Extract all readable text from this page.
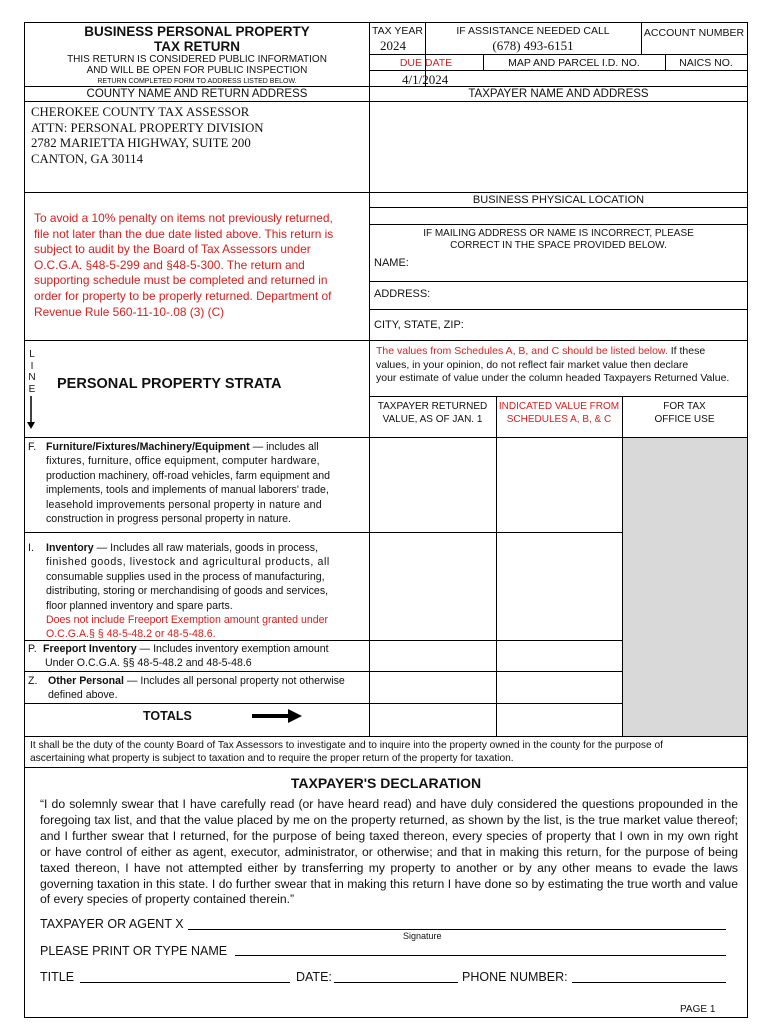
BUSINESS PERSONAL PROPERTY
TAX RETURN
THIS RETURN IS CONSIDERED PUBLIC INFORMATION
AND WILL BE OPEN FOR PUBLIC INSPECTION
RETURN COMPLETED FORM TO ADDRESS LISTED BELOW.
TAX YEAR
2024
IF ASSISTANCE NEEDED CALL
(678) 493-6151
ACCOUNT NUMBER
DUE DATE
4/1/2024
MAP AND PARCEL I.D. NO.	NAICS NO.
COUNTY NAME AND RETURN ADDRESS	TAXPAYER NAME AND ADDRESS
CHEROKEE COUNTY TAX ASSESSOR
ATTN: PERSONAL PROPERTY DIVISION
2782 MARIETTA HIGHWAY, SUITE 200
CANTON, GA 30114
BUSINESS PHYSICAL LOCATION
IF MAILING ADDRESS OR NAME IS INCORRECT, PLEASE
CORRECT IN THE SPACE PROVIDED BELOW.
NAME:
ADDRESS:
CITY, STATE, ZIP:
To avoid a 10% penalty on items not previously returned,
file not later than the due date listed above. This return is
subject to audit by the Board of Tax Assessors under
O.C.G.A. §48-5-299 and §48-5-300. The return and
supporting schedule must be completed and returned in
order for property to be properly returned. Department of
Revenue Rule 560-11-10-.08 (3) (C)
L
I
N
E PERSONAL PROPERTY STRATA
The values from Schedules A, B, and C should be listed below. If these
values, in your opinion, do not reflect fair market value then declare
your estimate of value under the column headed Taxpayers Returned Value.
TAXPAYER RETURNED
VALUE, AS OF JAN. 1
INDICATED VALUE FROM
SCHEDULES A, B, & C
FOR TAX
OFFICE USE
F. Furniture/Fixtures/Machinery/Equipment — includes all
fixtures, furniture, office equipment, computer hardware,
production machinery, off-road vehicles, farm equipment and
implements, tools and implements of manual laborers' trade,
leasehold improvements personal property in nature and
construction in progress personal property in nature.
I. Inventory — Includes all raw materials, goods in process,
finished goods, livestock and agricultural products, all
consumable supplies used in the process of manufacturing,
distributing, storing or merchandising of goods and services,
floor planned inventory and spare parts.
Does not include Freeport Exemption amount granted under
O.C.G.A.§ § 48-5-48.2 or 48-5-48.6.
P. Freeport Inventory — Includes inventory exemption amount
Under O.C.G.A. §§ 48-5-48.2 and 48-5-48.6
Z. Other Personal — Includes all personal property not otherwise
defined above.
TOTALS
It shall be the duty of the county Board of Tax Assessors to investigate and to inquire into the property owned in the county for the purpose of
ascertaining what property is subject to taxation and to require the proper return of the property for taxation.
TAXPAYER'S DECLARATION
“I do solemnly swear that I have carefully read (or have heard read) and have duly considered the questions propounded in the
foregoing tax list, and that the value placed by me on the property returned, as shown by the list, is the true market value thereof;
and I further swear that I returned, for the purpose of being taxed thereon, every species of property that I own in my own right
or have control of either as agent, executor, administrator, or otherwise; and that in making this return, for the purpose of being
taxed thereon, I have not attempted either by transferring my property to another or by any other means to evade the laws
governing taxation in this state. I do further swear that in making this return I have done so by estimating the true worth and value
of every species of property contained therein.”
TAXPAYER OR AGENT X
Signature
PLEASE PRINT OR TYPE NAME
TITLE	DATE:	PHONE NUMBER:
PAGE 1
